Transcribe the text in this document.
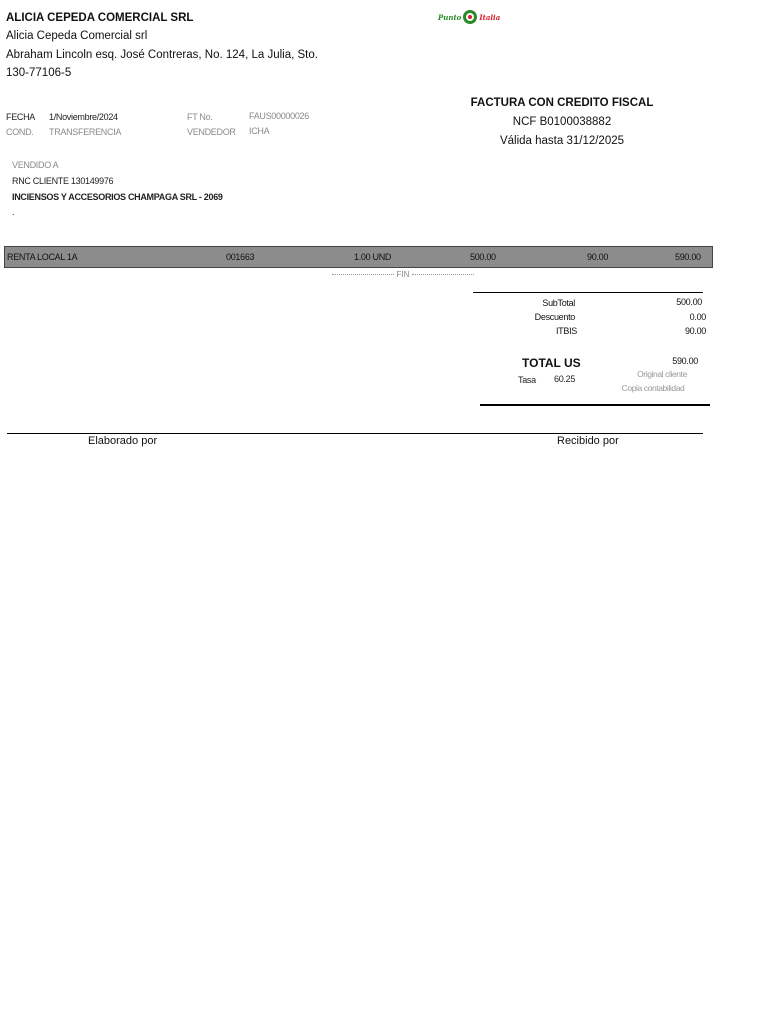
ALICIA CEPEDA COMERCIAL SRL
Alicia Cepeda Comercial srl
Abraham Lincoln esq. José Contreras, No. 124, La Julia, Sto.
130-77106-5
Punto	Italia
FACTURA CON CREDITO FISCAL
NCF B0100038882
Válida hasta 31/12/2025
FECHA 1/Noviembre/2024
COND. TRANSFERENCIA
FT No.	FAUS00000026
VENDEDOR ICHA
VENDIDO A
RNC CLIENTE 130149976
INCIENSOS Y ACCESORIOS CHAMPAGA SRL - 2069
.
RENTA LOCAL 1A	001663	1.00 UND	500.00	90.00	590.00
FIN
SubTotal	500.00
Descuento	0.00
ITBIS	90.00
TOTAL US	590.00
Tasa 60.25	Original cliente
Copia contabilidad
Elaborado por	Recibido por
